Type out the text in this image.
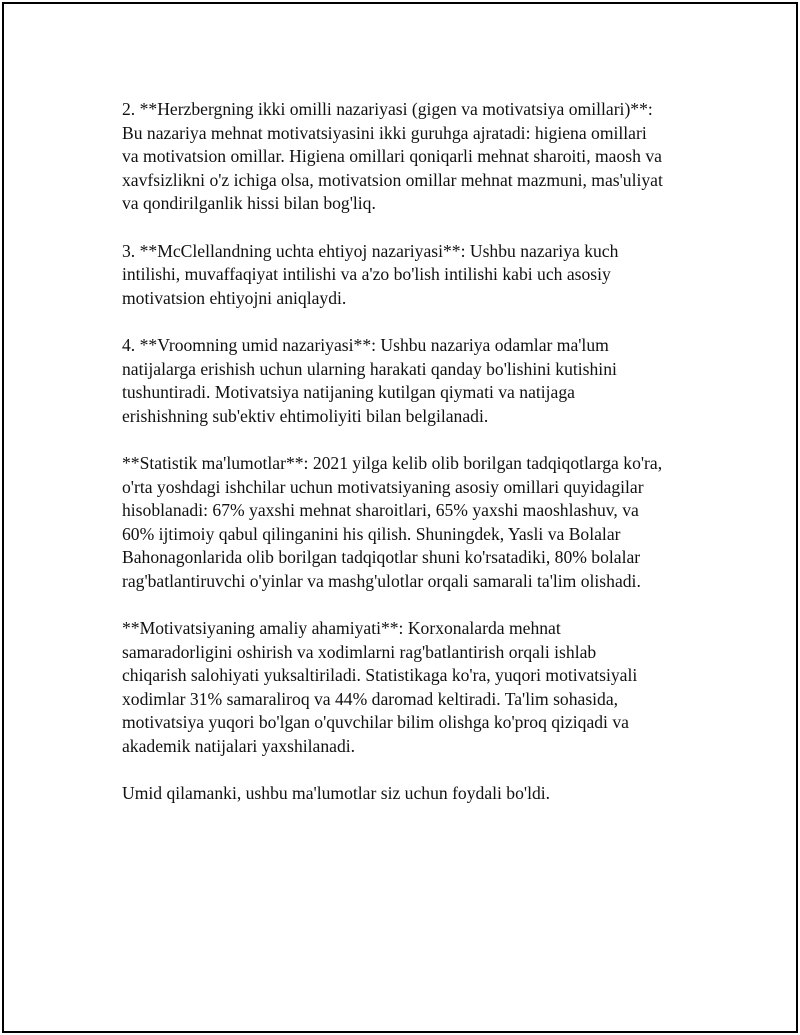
2. **Herzbergning ikki omilli nazariyasi (gigen va motivatsiya omillari)**:
Bu nazariya mehnat motivatsiyasini ikki guruhga ajratadi: higiena omillari
va motivatsion omillar. Higiena omillari qoniqarli mehnat sharoiti, maosh va
xavfsizlikni o'z ichiga olsa, motivatsion omillar mehnat mazmuni, mas'uliyat
va qondirilganlik hissi bilan bog'liq.

3. **McClellandning uchta ehtiyoj nazariyasi**: Ushbu nazariya kuch
intilishi, muvaffaqiyat intilishi va a'zo bo'lish intilishi kabi uch asosiy
motivatsion ehtiyojni aniqlaydi.

4. **Vroomning umid nazariyasi**: Ushbu nazariya odamlar ma'lum
natijalarga erishish uchun ularning harakati qanday bo'lishini kutishini
tushuntiradi. Motivatsiya natijaning kutilgan qiymati va natijaga
erishishning sub'ektiv ehtimoliyiti bilan belgilanadi.

**Statistik ma'lumotlar**: 2021 yilga kelib olib borilgan tadqiqotlarga ko'ra,
o'rta yoshdagi ishchilar uchun motivatsiyaning asosiy omillari quyidagilar
hisoblanadi: 67% yaxshi mehnat sharoitlari, 65% yaxshi maoshlashuv, va
60% ijtimoiy qabul qilinganini his qilish. Shuningdek, Yasli va Bolalar
Bahonagonlarida olib borilgan tadqiqotlar shuni ko'rsatadiki, 80% bolalar
rag'batlantiruvchi o'yinlar va mashg'ulotlar orqali samarali ta'lim olishadi.

**Motivatsiyaning amaliy ahamiyati**: Korxonalarda mehnat
samaradorligini oshirish va xodimlarni rag'batlantirish orqali ishlab
chiqarish salohiyati yuksaltiriladi. Statistikaga ko'ra, yuqori motivatsiyali
xodimlar 31% samaraliroq va 44% daromad keltiradi. Ta'lim sohasida,
motivatsiya yuqori bo'lgan o'quvchilar bilim olishga ko'proq qiziqadi va
akademik natijalari yaxshilanadi.

Umid qilamanki, ushbu ma'lumotlar siz uchun foydali bo'ldi.
